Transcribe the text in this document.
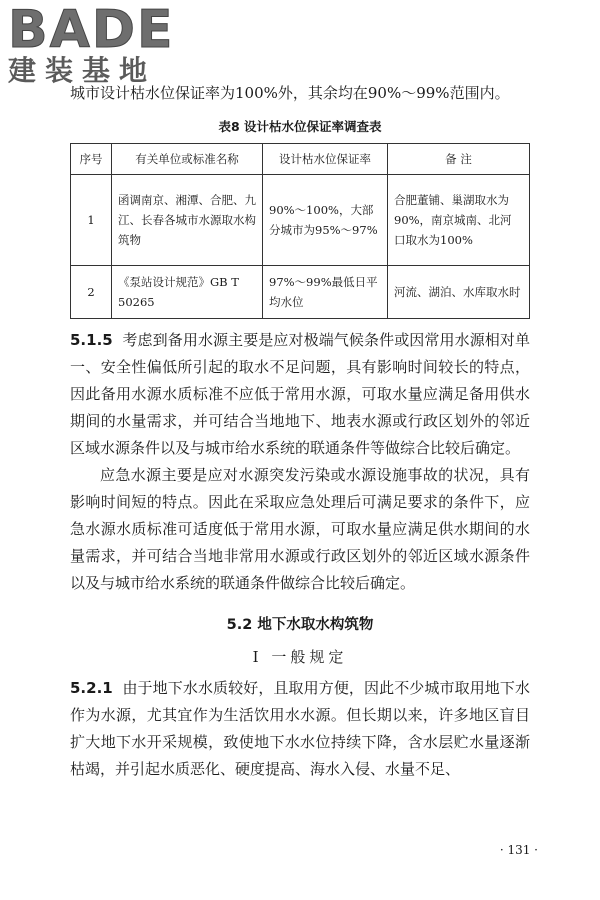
BADE
建装基地

城市设计枯水位保证率为100%外，其余均在90%～99%范围内。

表8 设计枯水位保证率调查表
序号	有关单位或标准名称	设计枯水位保证率	备 注
1	函调南京、湘潭、合肥、九江、长春各城市水源取水构筑物	90%～100%，大部分城市为95%～97%	合肥董铺、巢湖取水为90%，南京城南、北河口取水为100%
2	《泵站设计规范》GB T 50265	97%～99%最低日平均水位	河流、湖泊、水库取水时

5.1.5 考虑到备用水源主要是应对极端气候条件或因常用水源相对单一、安全性偏低所引起的取水不足问题，具有影响时间较长的特点，因此备用水源水质标准不应低于常用水源，可取水量应满足备用供水期间的水量需求，并可结合当地地下、地表水源或行政区划外的邻近区域水源条件以及与城市给水系统的联通条件等做综合比较后确定。

应急水源主要是应对水源突发污染或水源设施事故的状况，具有影响时间短的特点。因此在采取应急处理后可满足要求的条件下，应急水源水质标准可适度低于常用水源，可取水量应满足供水期间的水量需求，并可结合当地非常用水源或行政区划外的邻近区域水源条件以及与城市给水系统的联通条件做综合比较后确定。

5.2 地下水取水构筑物
Ⅰ 一般规定

5.2.1 由于地下水水质较好，且取用方便，因此不少城市取用地下水作为水源，尤其宜作为生活饮用水水源。但长期以来，许多地区盲目扩大地下水开采规模，致使地下水水位持续下降，含水层贮水量逐渐枯竭，并引起水质恶化、硬度提高、海水入侵、水量不足、

· 131 ·
